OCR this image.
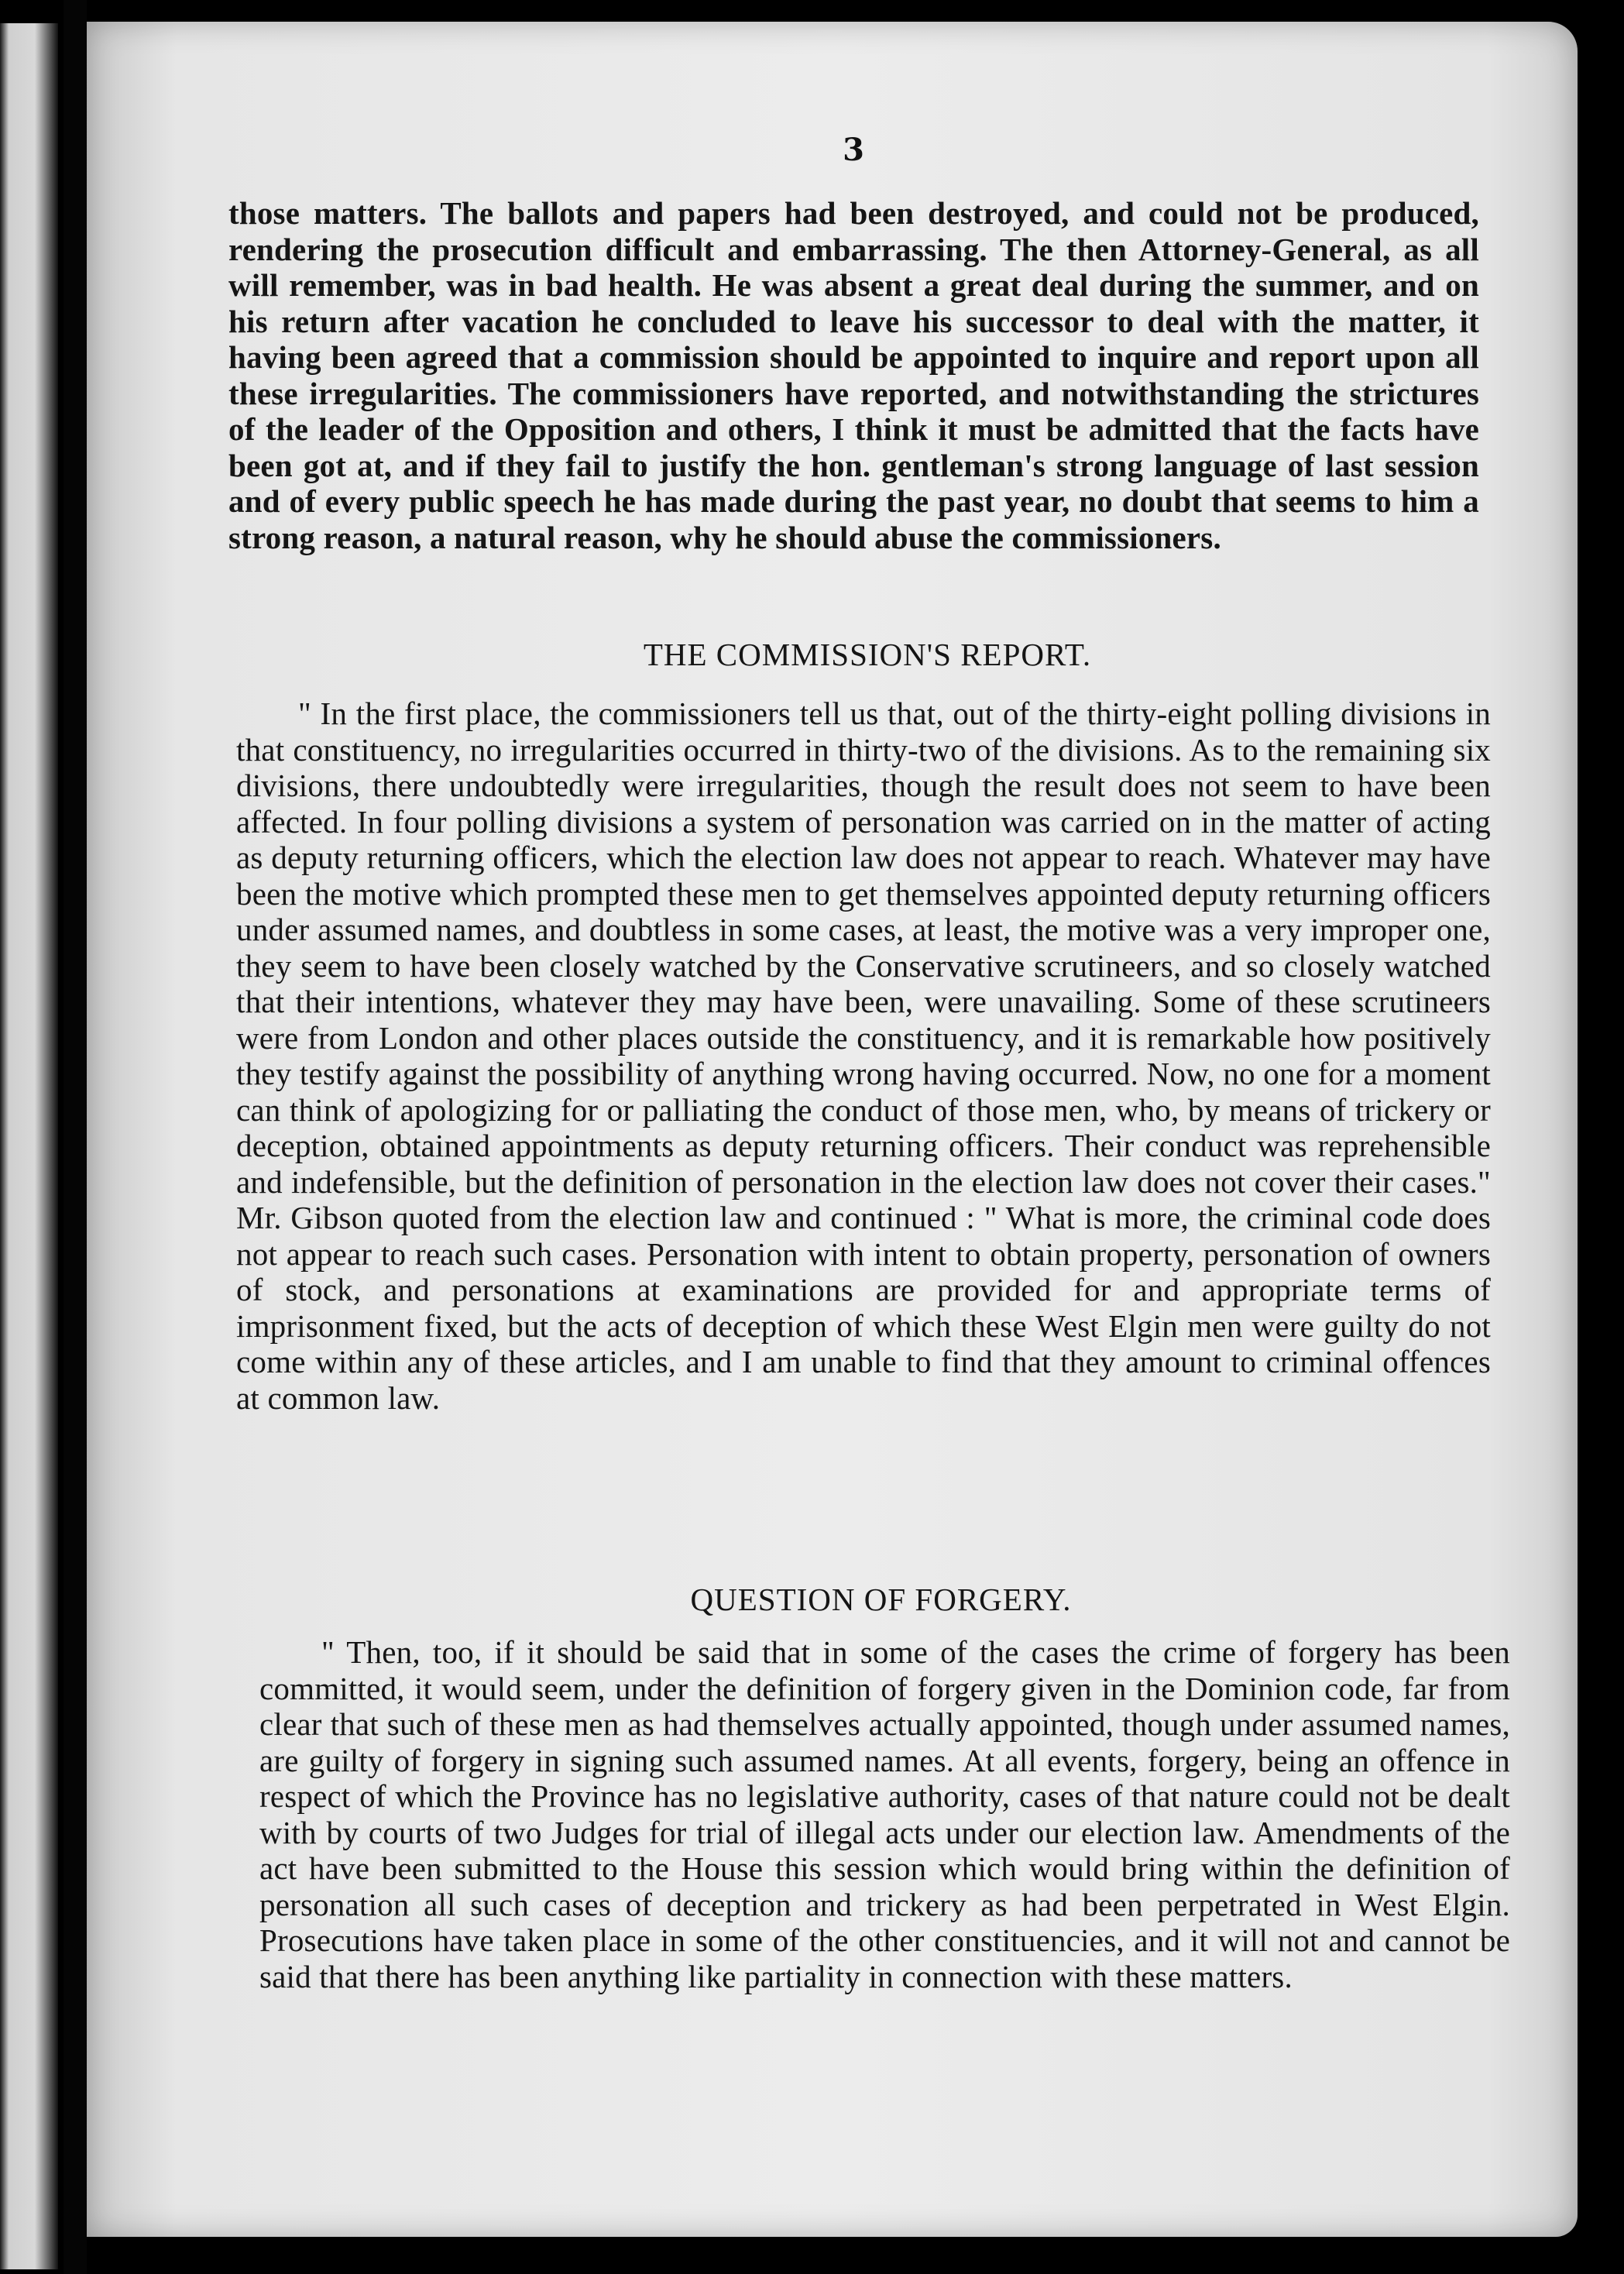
3

those matters. The ballots and papers had been destroyed, and could not be produced, rendering the prosecution difficult and embarrassing. The then Attorney-General, as all will remember, was in bad health. He was absent a great deal during the summer, and on his return after vacation he concluded to leave his successor to deal with the matter, it having been agreed that a commission should be appointed to inquire and report upon all these irregularities. The commissioners have reported, and notwithstanding the strictures of the leader of the Opposition and others, I think it must be admitted that the facts have been got at, and if they fail to justify the hon. gentleman's strong language of last session and of every public speech he has made during the past year, no doubt that seems to him a strong reason, a natural reason, why he should abuse the commissioners.

THE COMMISSION'S REPORT.

" In the first place, the commissioners tell us that, out of the thirty-eight polling divisions in that constituency, no irregularities occurred in thirty-two of the divisions. As to the remaining six divisions, there undoubtedly were irregularities, though the result does not seem to have been affected. In four polling divisions a system of personation was carried on in the matter of acting as deputy returning officers, which the election law does not appear to reach. Whatever may have been the motive which prompted these men to get themselves appointed deputy returning officers under assumed names, and doubtless in some cases, at least, the motive was a very improper one, they seem to have been closely watched by the Conservative scrutineers, and so closely watched that their intentions, whatever they may have been, were unavailing. Some of these scrutineers were from London and other places outside the constituency, and it is remarkable how positively they testify against the possibility of anything wrong having occurred. Now, no one for a moment can think of apologizing for or palliating the conduct of those men, who, by means of trickery or deception, obtained appointments as deputy returning officers. Their conduct was reprehensible and indefensible, but the definition of personation in the election law does not cover their cases." Mr. Gibson quoted from the election law and continued : " What is more, the criminal code does not appear to reach such cases. Personation with intent to obtain property, personation of owners of stock, and personations at examinations are provided for and appropriate terms of imprisonment fixed, but the acts of deception of which these West Elgin men were guilty do not come within any of these articles, and I am unable to find that they amount to criminal offences at common law.

QUESTION OF FORGERY.

" Then, too, if it should be said that in some of the cases the crime of forgery has been committed, it would seem, under the definition of forgery given in the Dominion code, far from clear that such of these men as had themselves actually appointed, though under assumed names, are guilty of forgery in signing such assumed names. At all events, forgery, being an offence in respect of which the Province has no legislative authority, cases of that nature could not be dealt with by courts of two Judges for trial of illegal acts under our election law. Amendments of the act have been submitted to the House this session which would bring within the definition of personation all such cases of deception and trickery as had been perpetrated in West Elgin. Prosecutions have taken place in some of the other constituencies, and it will not and cannot be said that there has been anything like partiality in connection with these matters.
